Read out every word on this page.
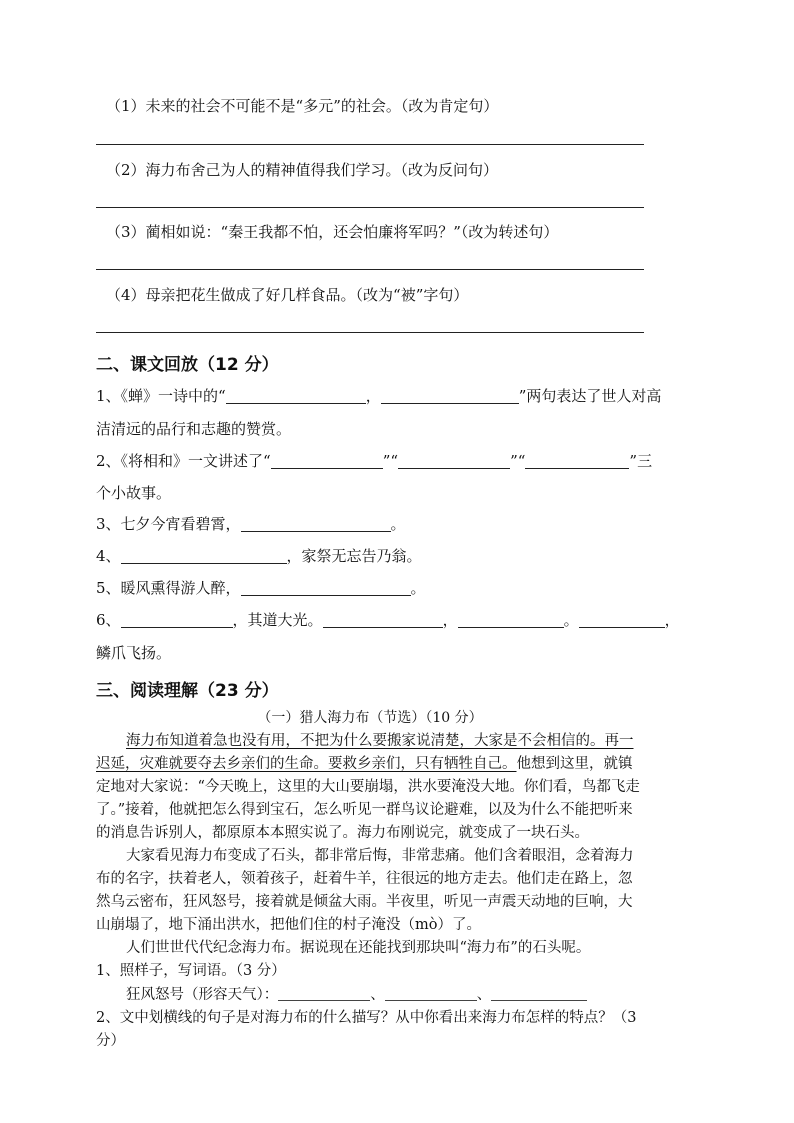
（1）未来的社会不可能不是“多元”的社会。（改为肯定句）
（2）海力布舍己为人的精神值得我们学习。（改为反问句）
（3）蔺相如说：“秦王我都不怕，还会怕廉将军吗？”（改为转述句）
（4）母亲把花生做成了好几样食品。（改为“被”字句）
二、课文回放（12 分）
1、《蝉》一诗中的“	，	”两句表达了世人对高
洁清远的品行和志趣的赞赏。
2、《将相和》一文讲述了“	”“	”“	”三
个小故事。
3、七夕今宵看碧霄，	。
4、	，家祭无忘告乃翁。
5、暖风熏得游人醉，	。
6、	，其道大光。	，	。	，
鳞爪飞扬。
三、阅读理解（23 分）
（一）猎人海力布（节选）（10 分）
海力布知道着急也没有用，不把为什么要搬家说清楚，大家是不会相信的。再一
迟延，灾难就要夺去乡亲们的生命。要救乡亲们，只有牺牲自己。他想到这里，就镇
定地对大家说：“今天晚上，这里的大山要崩塌，洪水要淹没大地。你们看，鸟都飞走
了。”接着，他就把怎么得到宝石，怎么听见一群鸟议论避难，以及为什么不能把听来
的消息告诉别人，都原原本本照实说了。海力布刚说完，就变成了一块石头。
大家看见海力布变成了石头，都非常后悔，非常悲痛。他们含着眼泪，念着海力
布的名字，扶着老人，领着孩子，赶着牛羊，往很远的地方走去。他们走在路上，忽
然乌云密布，狂风怒号，接着就是倾盆大雨。半夜里，听见一声震天动地的巨响，大
山崩塌了，地下涌出洪水，把他们住的村子淹没（mò）了。
人们世世代代纪念海力布。据说现在还能找到那块叫“海力布”的石头呢。
1、照样子，写词语。（3 分）
狂风怒号（形容天气）：	、	、
2、文中划横线的句子是对海力布的什么描写？从中你看出来海力布怎样的特点？（3
分）
